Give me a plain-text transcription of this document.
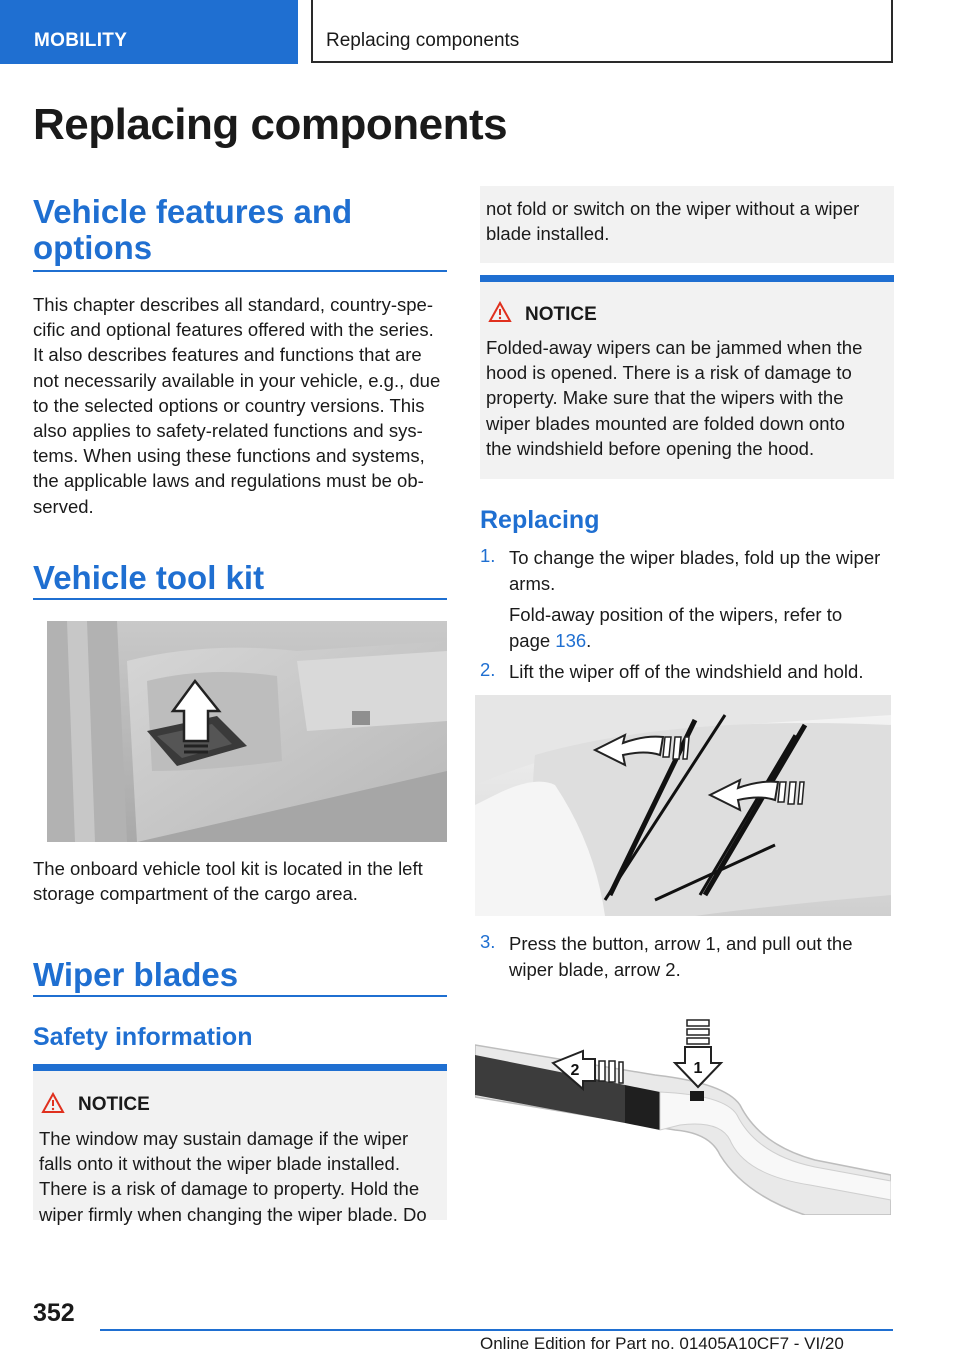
MOBILITY	Replacing components
Replacing components
Vehicle features and
options
This chapter describes all standard, country-spe‐
cific and optional features offered with the series.
It also describes features and functions that are
not necessarily available in your vehicle, e.g., due
to the selected options or country versions. This
also applies to safety-related functions and sys‐
tems. When using these functions and systems,
the applicable laws and regulations must be ob‐
served.
Vehicle tool kit
The onboard vehicle tool kit is located in the left
storage compartment of the cargo area.
Wiper blades
Safety information
NOTICE
The window may sustain damage if the wiper
falls onto it without the wiper blade installed.
There is a risk of damage to property. Hold the
wiper firmly when changing the wiper blade. Do
not fold or switch on the wiper without a wiper
blade installed.
NOTICE
Folded-away wipers can be jammed when the
hood is opened. There is a risk of damage to
property. Make sure that the wipers with the
wiper blades mounted are folded down onto
the windshield before opening the hood.
Replacing
1. To change the wiper blades, fold up the wiper
arms.
Fold-away position of the wipers, refer to
page 136.
2. Lift the wiper off of the windshield and hold.
3. Press the button, arrow 1, and pull out the
wiper blade, arrow 2.
1
2
352
Online Edition for Part no. 01405A10CF7 - VI/20
